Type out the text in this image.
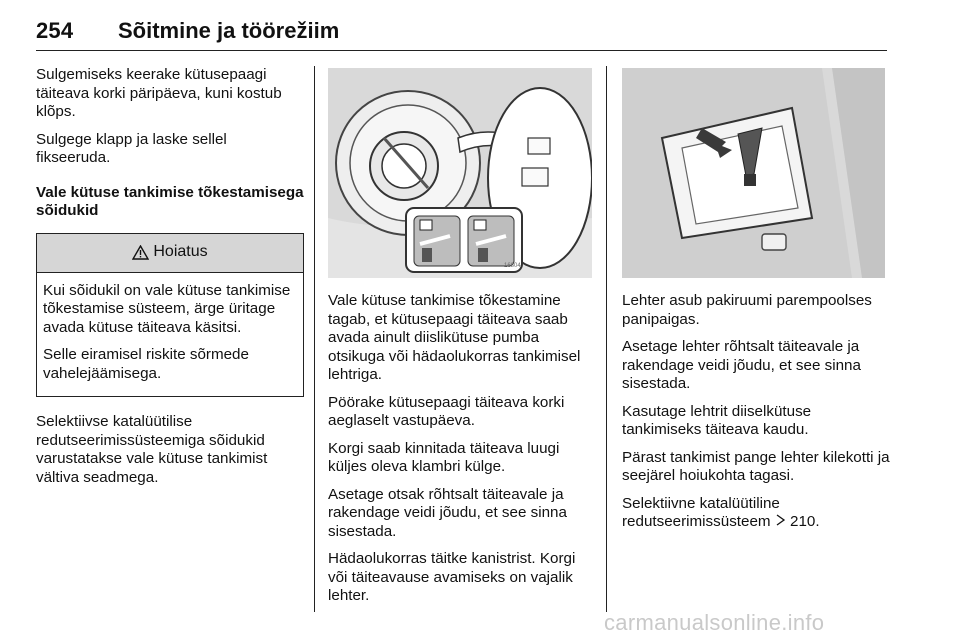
254 Sõitmine ja töörežiim

Sulgemiseks keerake kütusepaagi täiteava korki päripäeva, kuni kostub klõps.

Sulgege klapp ja laske sellel fikseeruda.

Vale kütuse tankimise tõkestamisega sõidukid

Hoiatus

Kui sõidukil on vale kütuse tankimise tõkestamise süsteem, ärge üritage avada kütuse täiteava käsitsi.

Selle eiramisel riskite sõrmede vahelejäämisega.

Selektiivse katalüütilise redutseerimissüsteemiga sõidukid varustatakse vale kütuse tankimist vältiva seadmega.

16804

Vale kütuse tankimise tõkestamine tagab, et kütusepaagi täiteava saab avada ainult diislikütuse pumba otsikuga või hädaolukorras tankimisel lehtriga.

Pöörake kütusepaagi täiteava korki aeglaselt vastupäeva.

Korgi saab kinnitada täiteava luugi küljes oleva klambri külge.

Asetage otsak rõhtsalt täiteavale ja rakendage veidi jõudu, et see sinna sisestada.

Hädaolukorras täitke kanistrist. Korgi või täiteavause avamiseks on vajalik lehter.

Lehter asub pakiruumi parempoolses panipaigas.

Asetage lehter rõhtsalt täiteavale ja rakendage veidi jõudu, et see sinna sisestada.

Kasutage lehtrit diiselkütuse tankimiseks täiteava kaudu.

Pärast tankimist pange lehter kilekotti ja seejärel hoiukohta tagasi.

Selektiivne katalüütiline redutseerimissüsteem 210.

carmanualsonline.info
